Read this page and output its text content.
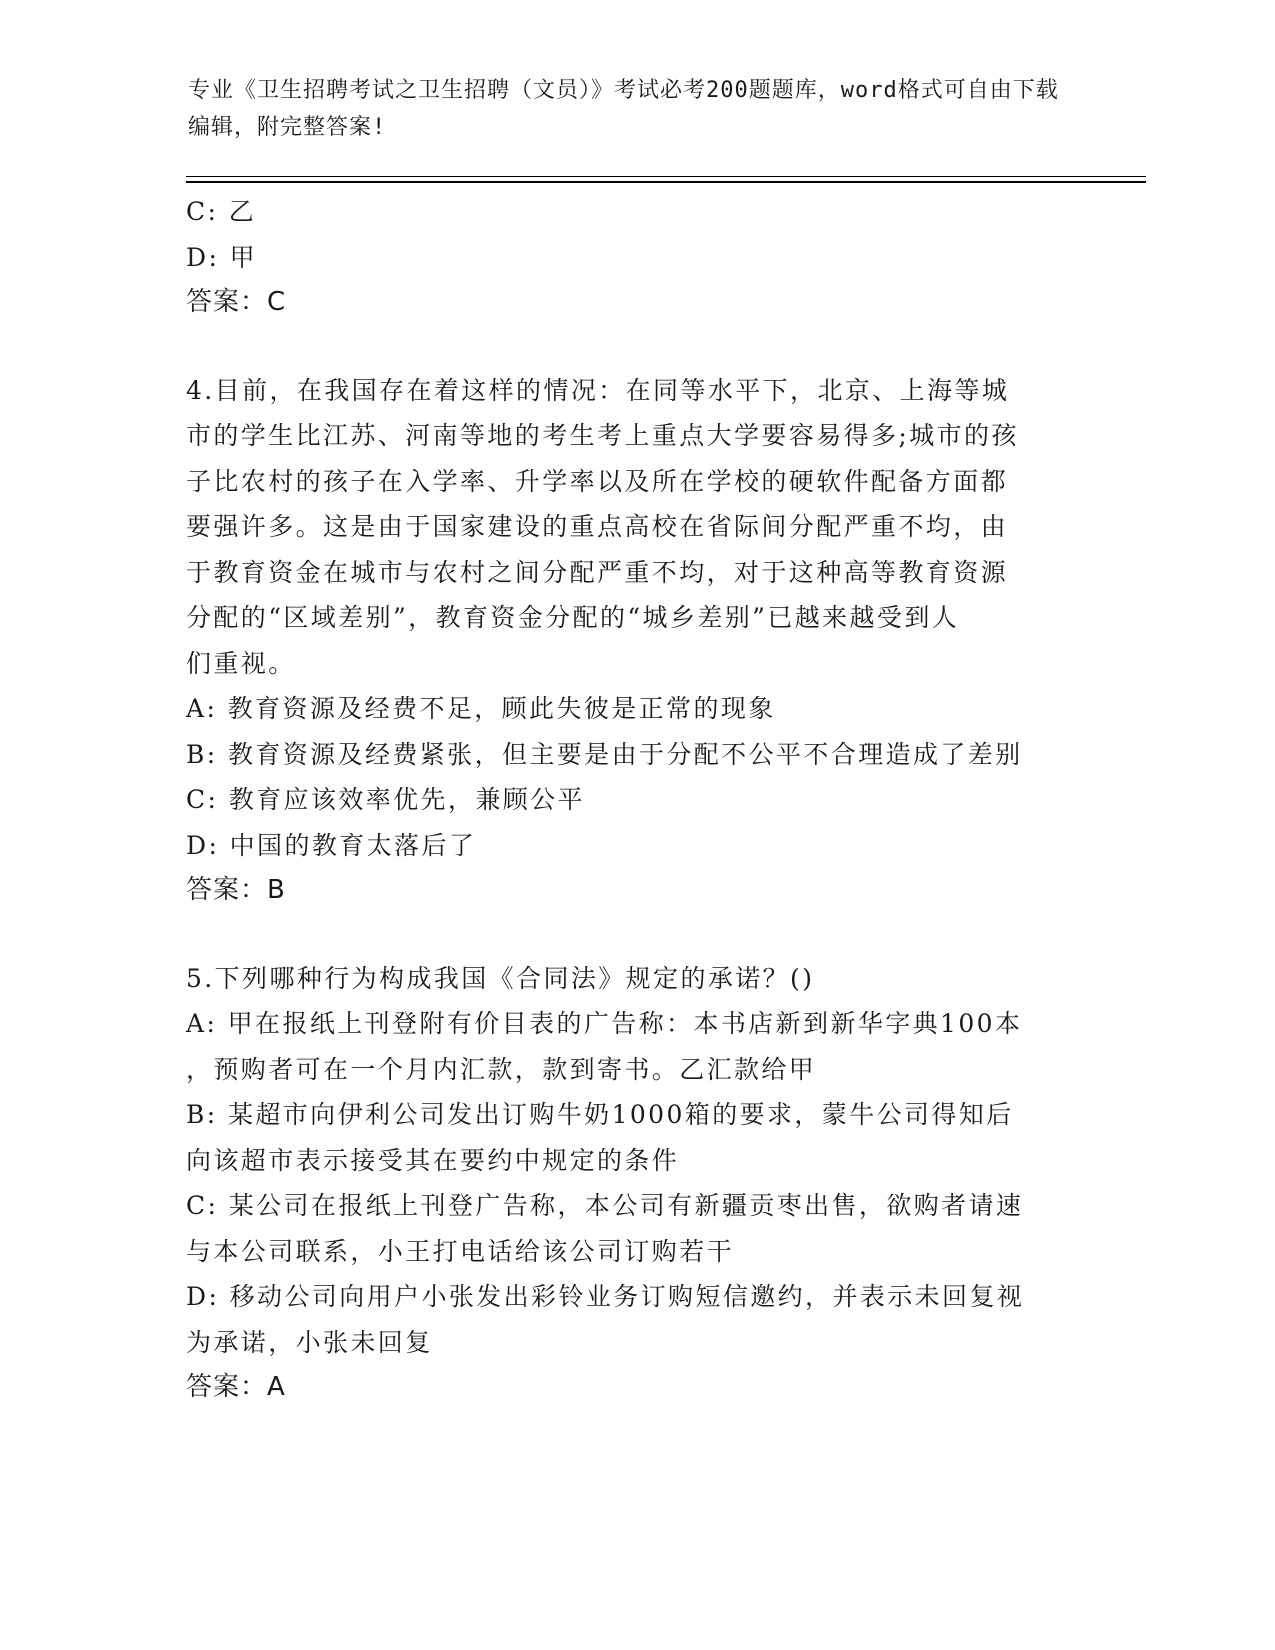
专业《卫生招聘考试之卫生招聘（文员）》考试必考200题题库，word格式可自由下载编辑，附完整答案!
C: 乙
D: 甲
答案：C
4.目前，在我国存在着这样的情况：在同等水平下，北京、上海等城
市的学生比江苏、河南等地的考生考上重点大学要容易得多;城市的孩
子比农村的孩子在入学率、升学率以及所在学校的硬软件配备方面都
要强许多。这是由于国家建设的重点高校在省际间分配严重不均，由
于教育资金在城市与农村之间分配严重不均，对于这种高等教育资源
分配的“区域差别”，教育资金分配的“城乡差别”已越来越受到人
们重视。
A: 教育资源及经费不足，顾此失彼是正常的现象
B: 教育资源及经费紧张，但主要是由于分配不公平不合理造成了差别
C: 教育应该效率优先，兼顾公平
D: 中国的教育太落后了
答案：B
5.下列哪种行为构成我国《合同法》规定的承诺？()
A: 甲在报纸上刊登附有价目表的广告称：本书店新到新华字典100本
，预购者可在一个月内汇款，款到寄书。乙汇款给甲
B: 某超市向伊利公司发出订购牛奶1000箱的要求，蒙牛公司得知后
向该超市表示接受其在要约中规定的条件
C: 某公司在报纸上刊登广告称，本公司有新疆贡枣出售，欲购者请速
与本公司联系，小王打电话给该公司订购若干
D: 移动公司向用户小张发出彩铃业务订购短信邀约，并表示未回复视
为承诺，小张未回复
答案：A
